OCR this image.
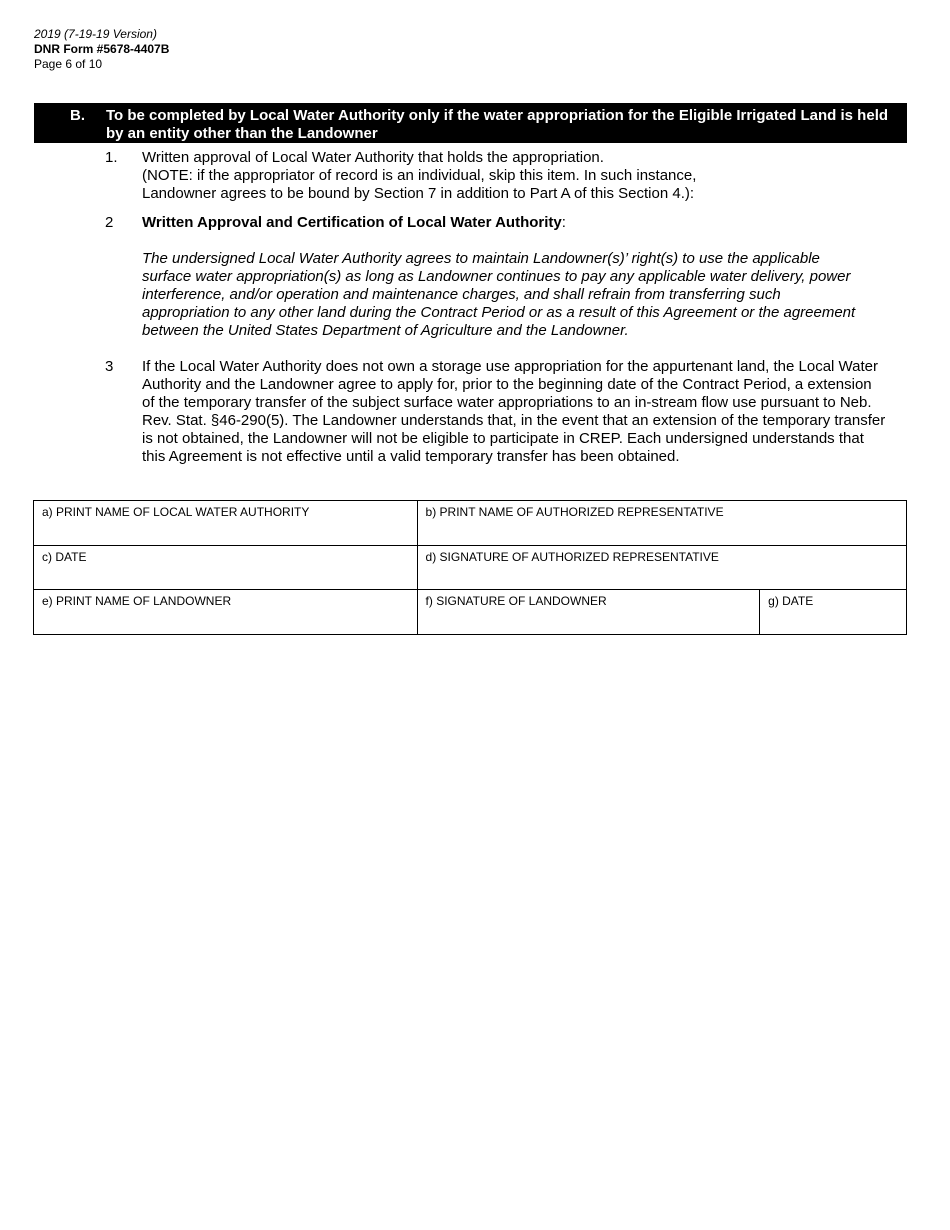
2019 (7-19-19 Version)
DNR Form #5678-4407B
Page 6 of 10
B. To be completed by Local Water Authority only if the water appropriation for the Eligible Irrigated Land is held by an entity other than the Landowner
1. Written approval of Local Water Authority that holds the appropriation.
(NOTE: if the appropriator of record is an individual, skip this item. In such instance, Landowner agrees to be bound by Section 7 in addition to Part A of this Section 4.):
2 Written Approval and Certification of Local Water Authority:
The undersigned Local Water Authority agrees to maintain Landowner(s)’ right(s) to use the applicable surface water appropriation(s) as long as Landowner continues to pay any applicable water delivery, power interference, and/or operation and maintenance charges, and shall refrain from transferring such appropriation to any other land during the Contract Period or as a result of this Agreement or the agreement between the United States Department of Agriculture and the Landowner.
3 If the Local Water Authority does not own a storage use appropriation for the appurtenant land, the Local Water Authority and the Landowner agree to apply for, prior to the beginning date of the Contract Period, a extension of the temporary transfer of the subject surface water appropriations to an in-stream flow use pursuant to Neb. Rev. Stat. §46-290(5). The Landowner understands that, in the event that an extension of the temporary transfer is not obtained, the Landowner will not be eligible to participate in CREP. Each undersigned understands that this Agreement is not effective until a valid temporary transfer has been obtained.
a) PRINT NAME OF LOCAL WATER AUTHORITY	b) PRINT NAME OF AUTHORIZED REPRESENTATIVE	
c) DATE	d) SIGNATURE OF AUTHORIZED REPRESENTATIVE	
e) PRINT NAME OF LANDOWNER	f) SIGNATURE OF LANDOWNER	g) DATE
